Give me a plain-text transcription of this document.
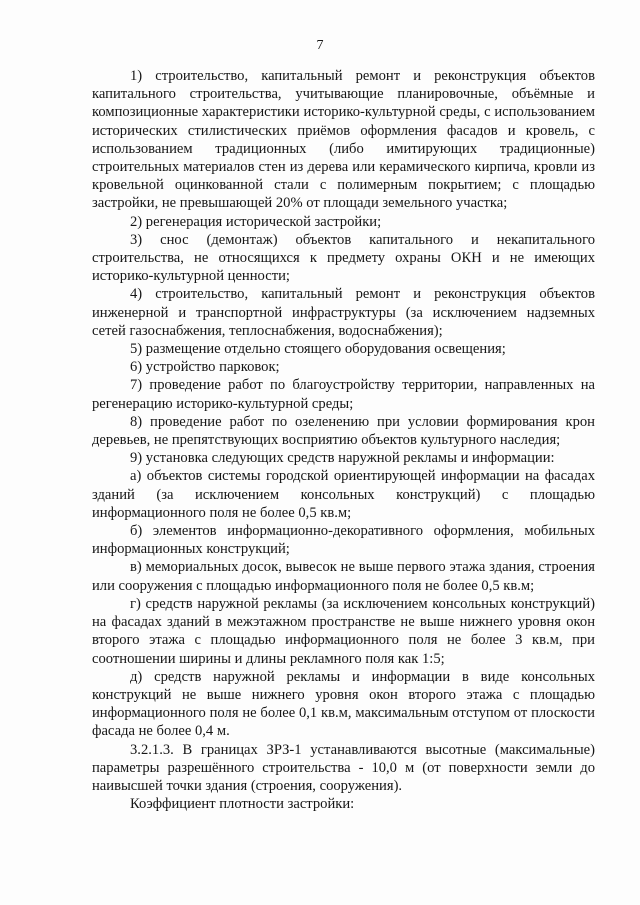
7

1) строительство, капитальный ремонт и реконструкция объектов капитального строительства, учитывающие планировочные, объёмные и композиционные характеристики историко-культурной среды, с использованием исторических стилистических приёмов оформления фасадов и кровель, с использованием традиционных (либо имитирующих традиционные) строительных материалов стен из дерева или керамического кирпича, кровли из кровельной оцинкованной стали с полимерным покрытием; с площадью застройки, не превышающей 20% от площади земельного участка;

2) регенерация исторической застройки;

3) снос (демонтаж) объектов капитального и некапитального строительства, не относящихся к предмету охраны ОКН и не имеющих историко-культурной ценности;

4) строительство, капитальный ремонт и реконструкция объектов инженерной и транспортной инфраструктуры (за исключением надземных сетей газоснабжения, теплоснабжения, водоснабжения);

5) размещение отдельно стоящего оборудования освещения;

6) устройство парковок;

7) проведение работ по благоустройству территории, направленных на регенерацию историко-культурной среды;

8) проведение работ по озеленению при условии формирования крон деревьев, не препятствующих восприятию объектов культурного наследия;

9) установка следующих средств наружной рекламы и информации:

а) объектов системы городской ориентирующей информации на фасадах зданий (за исключением консольных конструкций) с площадью информационного поля не более 0,5 кв.м;

б) элементов информационно-декоративного оформления, мобильных информационных конструкций;

в) мемориальных досок, вывесок не выше первого этажа здания, строения или сооружения с площадью информационного поля не более 0,5 кв.м;

г) средств наружной рекламы (за исключением консольных конструкций) на фасадах зданий в межэтажном пространстве не выше нижнего уровня окон второго этажа с площадью информационного поля не более 3 кв.м, при соотношении ширины и длины рекламного поля как 1:5;

д) средств наружной рекламы и информации в виде консольных конструкций не выше нижнего уровня окон второго этажа с площадью информационного поля не более 0,1 кв.м, максимальным отступом от плоскости фасада не более 0,4 м.

3.2.1.3. В границах ЗРЗ-1 устанавливаются высотные (максимальные) параметры разрешённого строительства - 10,0 м (от поверхности земли до наивысшей точки здания (строения, сооружения).

Коэффициент плотности застройки:
